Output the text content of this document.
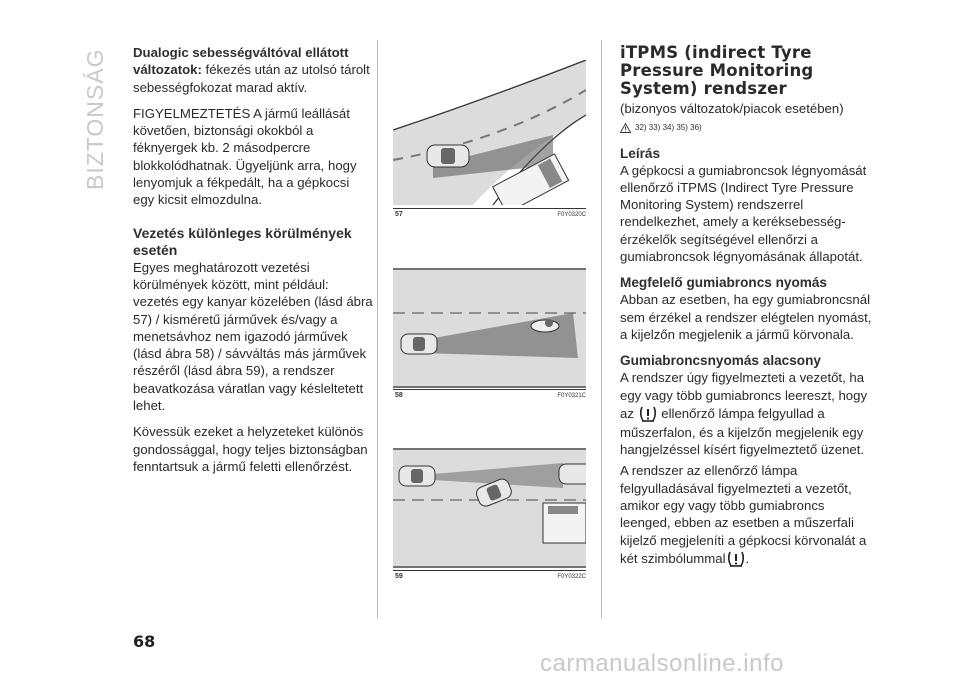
BIZTONSÁG Dualogic sebességváltóval ellátott változatok: fékezés után az utolsó tárolt sebességfokozat marad aktív.

FIGYELMEZTETÉS A jármű leállását követően, biztonsági okokból a féknyergek kb. 2 másodpercre blokkolódhatnak. Ügyeljünk arra, hogy lenyomjuk a fékpedált, ha a gépkocsi egy kicsit elmozdulna.

Vezetés különleges körülmények esetén

Egyes meghatározott vezetési körülmények között, mint például: vezetés egy kanyar közelében (lásd ábra 57) / kisméretű járművek és/vagy a menetsávhoz nem igazodó járművek (lásd ábra 58) / sávváltás más járművek részéről (lásd ábra 59), a rendszer beavatkozása váratlan vagy késleltetett lehet.

Kövessük ezeket a helyzeteket különös gondossággal, hogy teljes biztonságban fenntartsuk a jármű feletti ellenőrzést.

57	F0Y0320C
58	F0Y0321C
59	F0Y0322C
iTPMS (indirect Tyre Pressure Monitoring System) rendszer
(bizonyos változatok/piacok esetében)
32) 33) 34) 35) 36)
Leírás

A gépkocsi a gumiabroncsok légnyomását ellenőrző iTPMS (Indirect Tyre Pressure Monitoring System) rendszerrel rendelkezhet, amely a keréksebesség-érzékelők segítségével ellenőrzi a gumiabroncsok légnyomásának állapotát.

Megfelelő gumiabroncs nyomás

Abban az esetben, ha egy gumiabroncsnál sem érzékel a rendszer elégtelen nyomást, a kijelzőn megjelenik a jármű körvonala.

Gumiabroncsnyomás alacsony

A rendszer úgy figyelmezteti a vezetőt, ha egy vagy több gumiabroncs leereszt, hogy az  ellenőrző lámpa felgyullad a műszerfalon, és a kijelzőn megjelenik egy hangjelzéssel kísért figyelmeztető üzenet.

A rendszer az ellenőrző lámpa felgyulladásával figyelmezteti a vezetőt, amikor egy vagy több gumiabroncs leenged, ebben az esetben a műszerfali kijelző megjeleníti a gépkocsi körvonalát a két szimbólummal .

68
carmanualsonline.info
